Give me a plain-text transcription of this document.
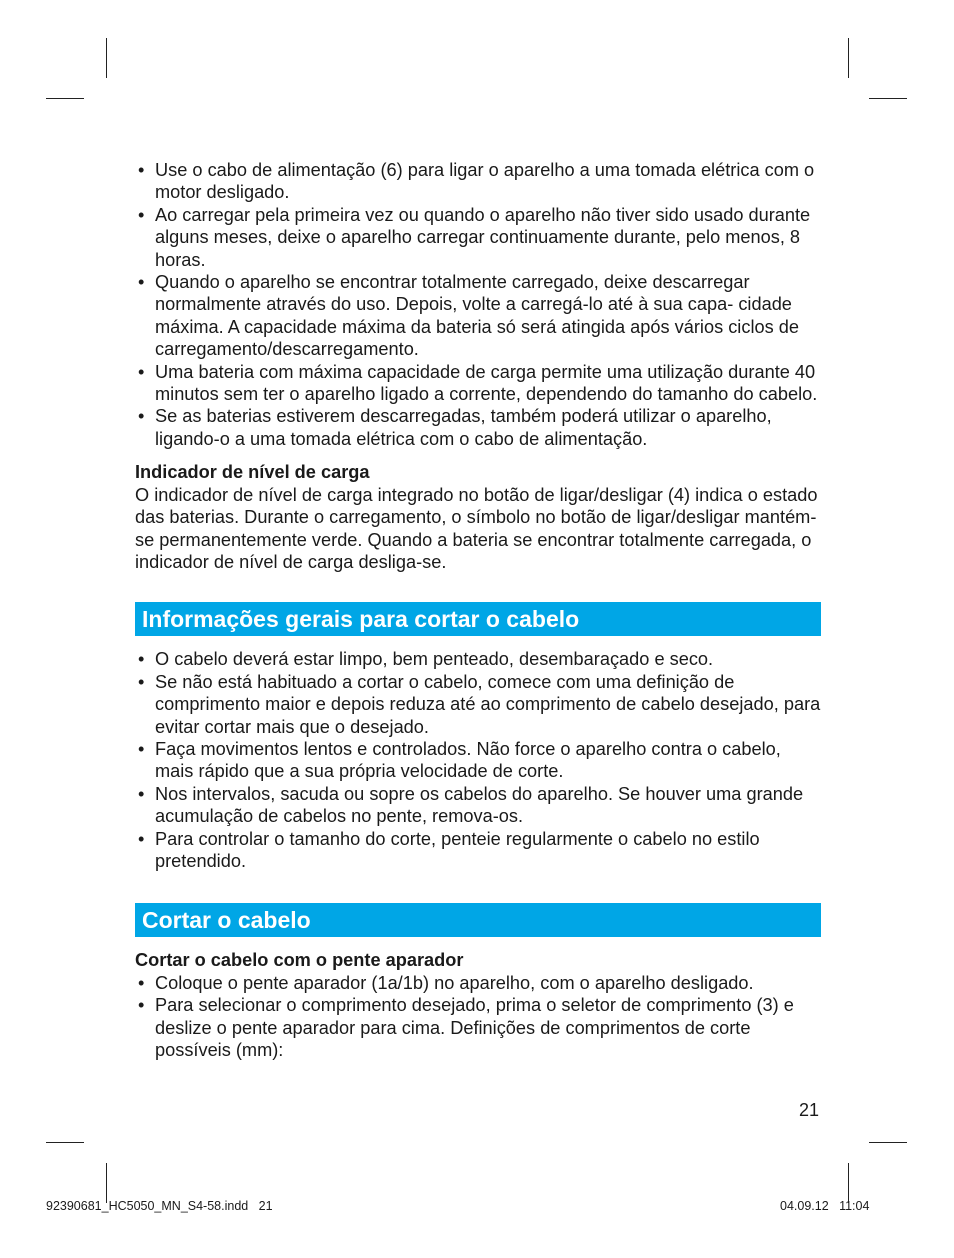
• Use o cabo de alimentação (6) para ligar o aparelho a uma tomada elétrica com o motor desligado.
• Ao carregar pela primeira vez ou quando o aparelho não tiver sido usado durante alguns meses, deixe o aparelho carregar continuamente durante, pelo menos, 8 horas.
• Quando o aparelho se encontrar totalmente carregado, deixe descarregar normalmente através do uso. Depois, volte a carregá-lo até à sua capa- cidade máxima. A capacidade máxima da bateria só será atingida após vários ciclos de carregamento/descarregamento.
• Uma bateria com máxima capacidade de carga permite uma utilização durante 40 minutos sem ter o aparelho ligado a corrente, dependendo do tamanho do cabelo.
• Se as baterias estiverem descarregadas, também poderá utilizar o aparelho, ligando-o a uma tomada elétrica com o cabo de alimentação.
Indicador de nível de carga

O indicador de nível de carga integrado no botão de ligar/desligar (4) indica o estado das baterias. Durante o carregamento, o símbolo no botão de ligar/desligar mantém-se permanentemente verde. Quando a bateria se encontrar totalmente carregada, o indicador de nível de carga desliga-se.

Informações gerais para cortar o cabelo
• O cabelo deverá estar limpo, bem penteado, desembaraçado e seco.
• Se não está habituado a cortar o cabelo, comece com uma definição de comprimento maior e depois reduza até ao comprimento de cabelo desejado, para evitar cortar mais que o desejado.
• Faça movimentos lentos e controlados. Não force o aparelho contra o cabelo, mais rápido que a sua própria velocidade de corte.
• Nos intervalos, sacuda ou sopre os cabelos do aparelho. Se houver uma grande acumulação de cabelos no pente, remova-os.
• Para controlar o tamanho do corte, penteie regularmente o cabelo no estilo pretendido.
Cortar o cabelo
Cortar o cabelo com o pente aparador
• Coloque o pente aparador (1a/1b) no aparelho, com o aparelho desligado.
• Para selecionar o comprimento desejado, prima o seletor de comprimento (3) e deslize o pente aparador para cima. Definições de comprimentos de corte possíveis (mm):
21
92390681_HC5050_MN_S4-58.indd   21	04.09.12   11:04
